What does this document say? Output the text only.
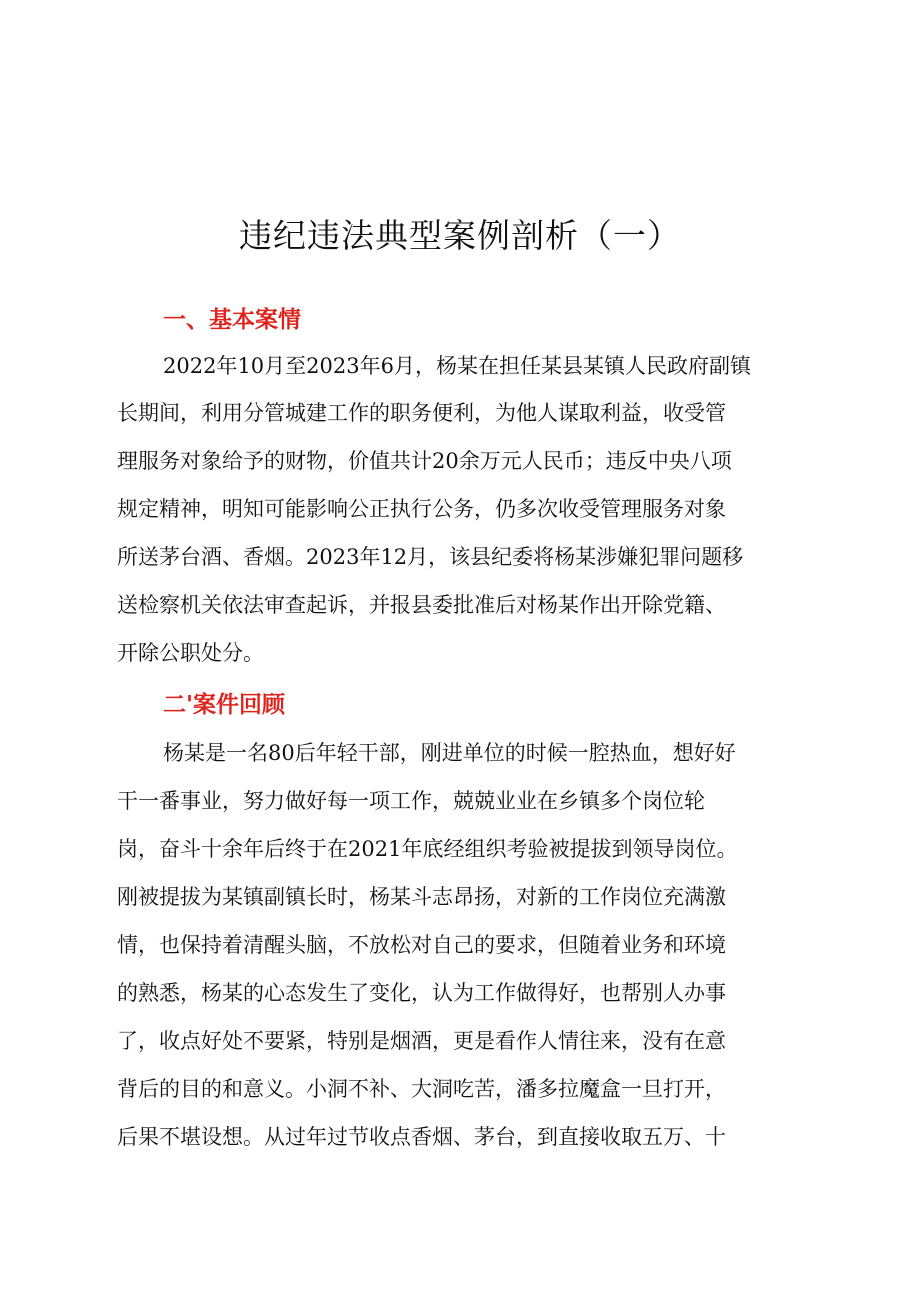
违纪违法典型案例剖析（一）
一、基本案情
2022年10月至2023年6月，杨某在担任某县某镇人民政府副镇
长期间，利用分管城建工作的职务便利，为他人谋取利益，收受管
理服务对象给予的财物，价值共计20余万元人民币；违反中央八项
规定精神，明知可能影响公正执行公务，仍多次收受管理服务对象
所送茅台酒、香烟。2023年12月，该县纪委将杨某涉嫌犯罪问题移
送检察机关依法审查起诉，并报县委批准后对杨某作出开除党籍、
开除公职处分。
二'案件回顾
杨某是一名80后年轻干部，刚进单位的时候一腔热血，想好好
干一番事业，努力做好每一项工作，兢兢业业在乡镇多个岗位轮
岗，奋斗十余年后终于在2021年底经组织考验被提拔到领导岗位。
刚被提拔为某镇副镇长时，杨某斗志昂扬，对新的工作岗位充满激
情，也保持着清醒头脑，不放松对自己的要求，但随着业务和环境
的熟悉，杨某的心态发生了变化，认为工作做得好，也帮别人办事
了，收点好处不要紧，特别是烟酒，更是看作人情往来，没有在意
背后的目的和意义。小洞不补、大洞吃苦，潘多拉魔盒一旦打开，
后果不堪设想。从过年过节收点香烟、茅台，到直接收取五万、十
